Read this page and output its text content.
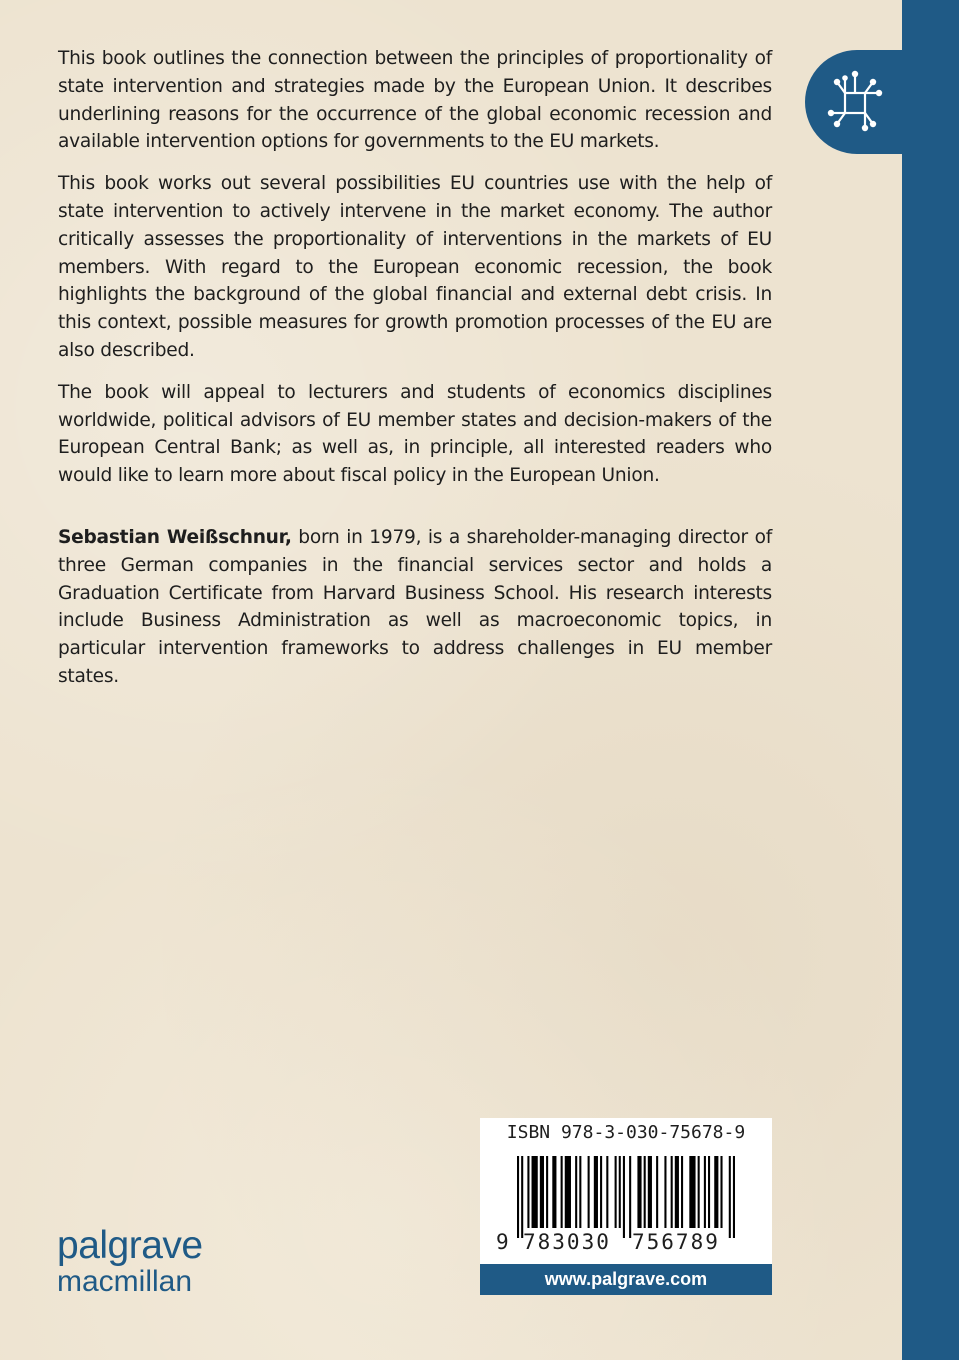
This book outlines the connection between the principles of proportionality of state intervention and strategies made by the European Union. It describes underlining reasons for the occurrence of the global economic recession and available intervention options for governments to the EU markets.

This book works out several possibilities EU countries use with the help of state intervention to actively intervene in the market economy. The author critically assesses the proportionality of interventions in the markets of EU members. With regard to the European economic recession, the book highlights the background of the global financial and external debt crisis. In this context, possible measures for growth promotion processes of the EU are also described.

The book will appeal to lecturers and students of economics disciplines worldwide, political advisors of EU member states and decision-makers of the European Central Bank; as well as, in principle, all interested readers who would like to learn more about fiscal policy in the European Union.

Sebastian Weißschnur, born in 1979, is a shareholder-managing director of three German companies in the financial services sector and holds a Graduation Certificate from Harvard Business School. His research interests include Business Administration as well as macroeconomic topics, in particular intervention frameworks to address challenges in EU member states.

palgrave
macmillan
ISBN 978-3-030-75678-9
9 783030 756789
www.palgrave.com
